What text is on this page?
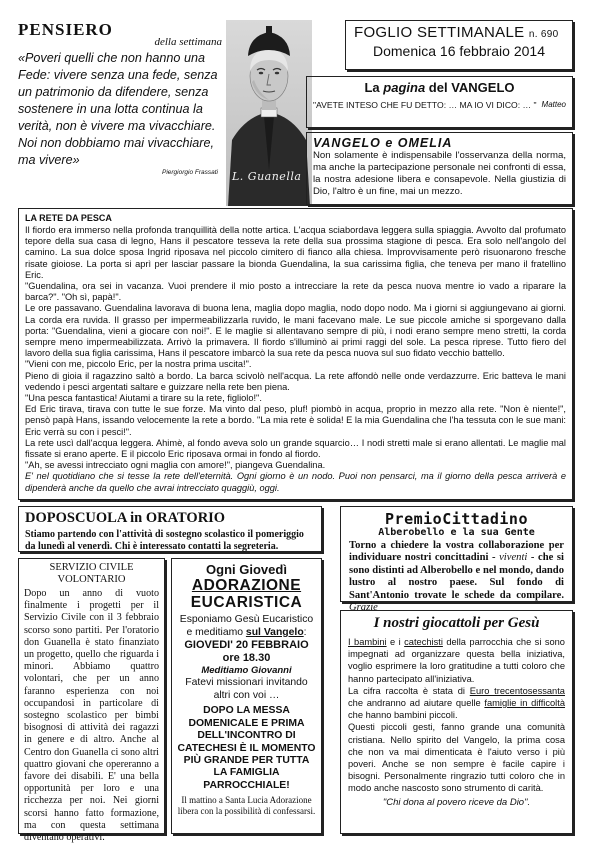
PENSIERO
della settimana
«Poveri quelli che non hanno una Fede: vivere senza una fede, senza un patrimonio da difendere, senza sostenere in una lotta continua la verità, non è vivere ma vivacchiare. Noi non dobbiamo mai vivacchiare, ma vivere»
Piergiorgio Frassati	L. Guanella
FOGLIO SETTIMANALE n. 690
Domenica 16 febbraio 2014
La pagina del VANGELO
"AVETE INTESO CHE FU DETTO: … MA IO VI DICO: … " Matteo
VANGELO e OMELIA
Non solamente è indispensabile l'osservanza della norma, ma anche la partecipazione personale nei confronti di essa, la nostra adesione libera e consapevole. Nella giustizia di Dio, l'altro è un fine, mai un mezzo.
LA RETE DA PESCA

Il fiordo era immerso nella profonda tranquillità della notte artica. L'acqua sciabordava leggera sulla spiaggia. Avvolto dal profumato tepore della sua casa di legno, Hans il pescatore tesseva la rete della sua prossima stagione di pesca. Era solo nell'angolo del camino. La sua dolce sposa Ingrid riposava nel piccolo cimitero di fianco alla chiesa. Improvvisamente però risuonarono fresche risate gioiose. La porta si aprì per lasciar passare la bionda Guendalina, la sua carissima figlia, che teneva per mano il fratellino Eric.

"Guendalina, ora sei in vacanza. Vuoi prendere il mio posto a intrecciare la rete da pesca nuova mentre io vado a riparare la barca?". "Oh sì, papà!".

Le ore passavano. Guendalina lavorava di buona lena, maglia dopo maglia, nodo dopo nodo. Ma i giorni si aggiungevano ai giorni. La corda era ruvida. Il grasso per impermeabilizzarla ruvido, le mani facevano male. Le sue piccole amiche si sporgevano dalla porta: "Guendalina, vieni a giocare con noi!". E le maglie si allentavano sempre di più, i nodi erano sempre meno stretti, la corda sempre meno impermeabilizzata. Arrivò la primavera. Il fiordo s'illuminò ai primi raggi del sole. La pesca riprese. Tutto fiero del lavoro della sua figlia carissima, Hans il pescatore imbarcò la sua rete da pesca nuova sul suo fidato vecchio battello.

"Vieni con me, piccolo Eric, per la nostra prima uscita!".

Pieno di gioia il ragazzino saltò a bordo. La barca scivolò nell'acqua. La rete affondò nelle onde verdazzurre. Eric batteva le mani vedendo i pesci argentati saltare e guizzare nella rete ben piena.

"Una pesca fantastica! Aiutami a tirare su la rete, figliolo!".

Ed Eric tirava, tirava con tutte le sue forze. Ma vinto dal peso, pluf! piombò in acqua, proprio in mezzo alla rete. "Non è niente!", pensò papà Hans, issando velocemente la rete a bordo. "La mia rete è solida! E la mia Guendalina che l'ha tessuta con le sue mani: Eric verrà su con i pesci!".

La rete uscì dall'acqua leggera. Ahimè, al fondo aveva solo un grande squarcio… I nodi stretti male si erano allentati. Le maglie mal fissate si erano aperte. E il piccolo Eric riposava ormai in fondo al fiordo.

"Ah, se avessi intrecciato ogni maglia con amore!", piangeva Guendalina.

E' nel quotidiano che si tesse la rete dell'eternità. Ogni giorno è un nodo. Puoi non pensarci, ma il giorno della pesca arriverà e dipenderà anche da quello che avrai intrecciato quaggiù, oggi.

DOPOSCUOLA in ORATORIO
Stiamo partendo con l'attività di sostegno scolastico il pomeriggio da lunedì al venerdì. Chi è interessato contatti la segreteria.
PremioCittadino
Alberobello e la sua Gente
Torno a chiedere la vostra collaborazione per individuare nostri concittadini - viventi - che si sono distinti ad Alberobello e nel mondo, dando lustro al nostro paese. Sul fondo di Sant'Antonio trovate le schede da compilare. Grazie
SERVIZIO CIVILE VOLONTARIO
Dopo un anno di vuoto finalmente i progetti per il Servizio Civile con il 3 febbraio scorso sono partiti. Per l'oratorio don Guanella è stato finanziato un progetto, quello che riguarda i minori. Abbiamo quattro volontari, che per un anno faranno esperienza con noi occupandosi in particolare di sostegno scolastico per bimbi bisognosi di attività dei ragazzi in genere e di altro. Anche al Centro don Guanella ci sono altri quattro giovani che opereranno a favore dei disabili. E' una bella opportunità per loro e una ricchezza per noi. Nei giorni scorsi hanno fatto formazione, ma con questa settimana diventano operativi.
Ogni Giovedì
ADORAZIONE
EUCARISTICA
Esponiamo Gesù Eucaristico e meditiamo sul Vangelo:
GIOVEDI' 20 FEBBRAIO
ore 18.30
Meditiamo Giovanni
Fatevi missionari invitando altri con voi …
DOPO LA MESSA DOMENICALE E PRIMA DELL'INCONTRO DI CATECHESI È IL MOMENTO PIÙ GRANDE PER TUTTA LA FAMIGLIA PARROCCHIALE!
Il mattino a Santa Lucia Adorazione libera con la possibilità di confessarsi.
I nostri giocattoli per Gesù

I bambini e i catechisti della parrocchia che si sono impegnati ad organizzare questa bella iniziativa, voglio esprimere la loro gratitudine a tutti coloro che hanno partecipato all'iniziativa.

La cifra raccolta è stata di Euro trecentosessanta che andranno ad aiutare quelle famiglie in difficoltà che hanno bambini piccoli.

Questi piccoli gesti, fanno grande una comunità cristiana. Nello spirito del Vangelo, la prima cosa che non va mai dimenticata è l'aiuto verso i più poveri. Anche se non sempre è facile capire i bisogni. Personalmente ringrazio tutti coloro che in modo anche nascosto sono strumento di carità.

"Chi dona al povero riceve da Dio".
